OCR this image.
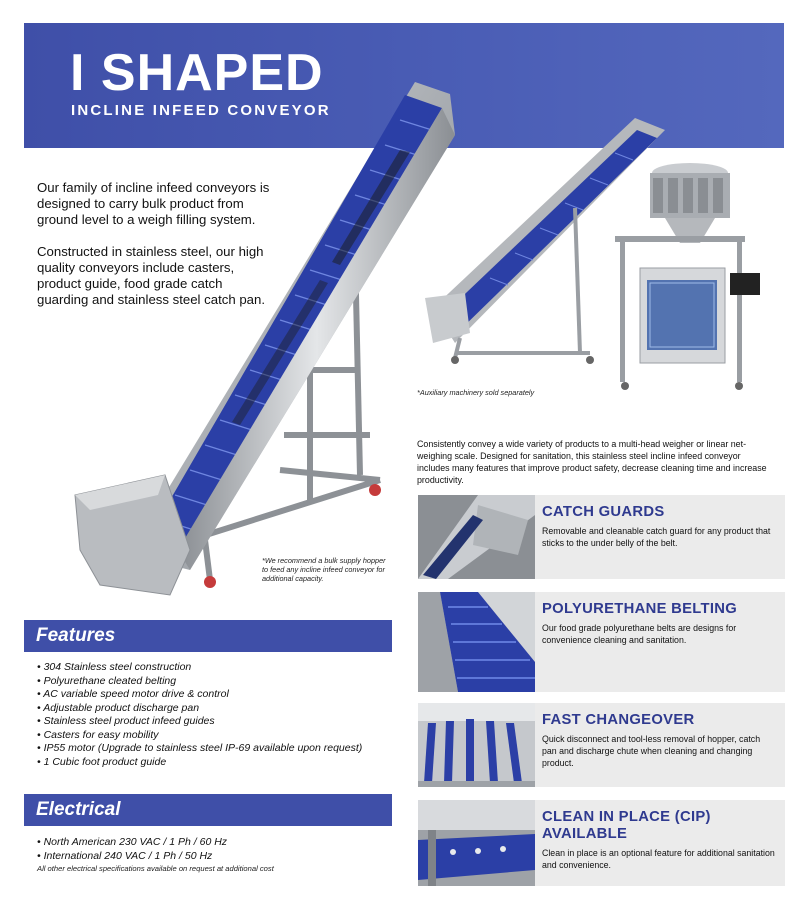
I SHAPED
INCLINE INFEED CONVEYOR
Our family of incline infeed conveyors is designed to carry bulk product from ground level to a weigh filling system.
Constructed in stainless steel, our high quality conveyors include casters, product guide, food grade catch guarding and stainless steel catch pan.
*We recommend a bulk supply hopper to feed any incline infeed conveyor for additional capacity.
*Auxiliary machinery sold separately
Consistently convey a wide variety of products to a multi-head weigher or linear net-weighing scale. Designed for sanitation, this stainless steel incline infeed conveyor includes many features that improve product safety, decrease cleaning time and increase productivity.
Features
• 304 Stainless steel construction
• Polyurethane cleated belting
• AC variable speed motor drive & control
• Adjustable product discharge pan
• Stainless steel product infeed guides
• Casters for easy mobility
• IP55 motor (Upgrade to stainless steel IP-69 available upon request)
• 1 Cubic foot product guide
Electrical
• North American 230 VAC / 1 Ph / 60 Hz
• International 240 VAC / 1 Ph / 50 Hz
All other electrical specifications available on request at additional cost
CATCH GUARDS
Removable and cleanable catch guard for any product that sticks to the under belly of the belt.
POLYURETHANE BELTING
Our food grade polyurethane belts are designs for convenience cleaning and sanitation.
FAST CHANGEOVER
Quick disconnect and tool-less removal of hopper, catch pan and discharge chute when cleaning and changing product.
CLEAN IN PLACE (CIP) AVAILABLE
Clean in place is an optional feature for additional sanitation and convenience.
